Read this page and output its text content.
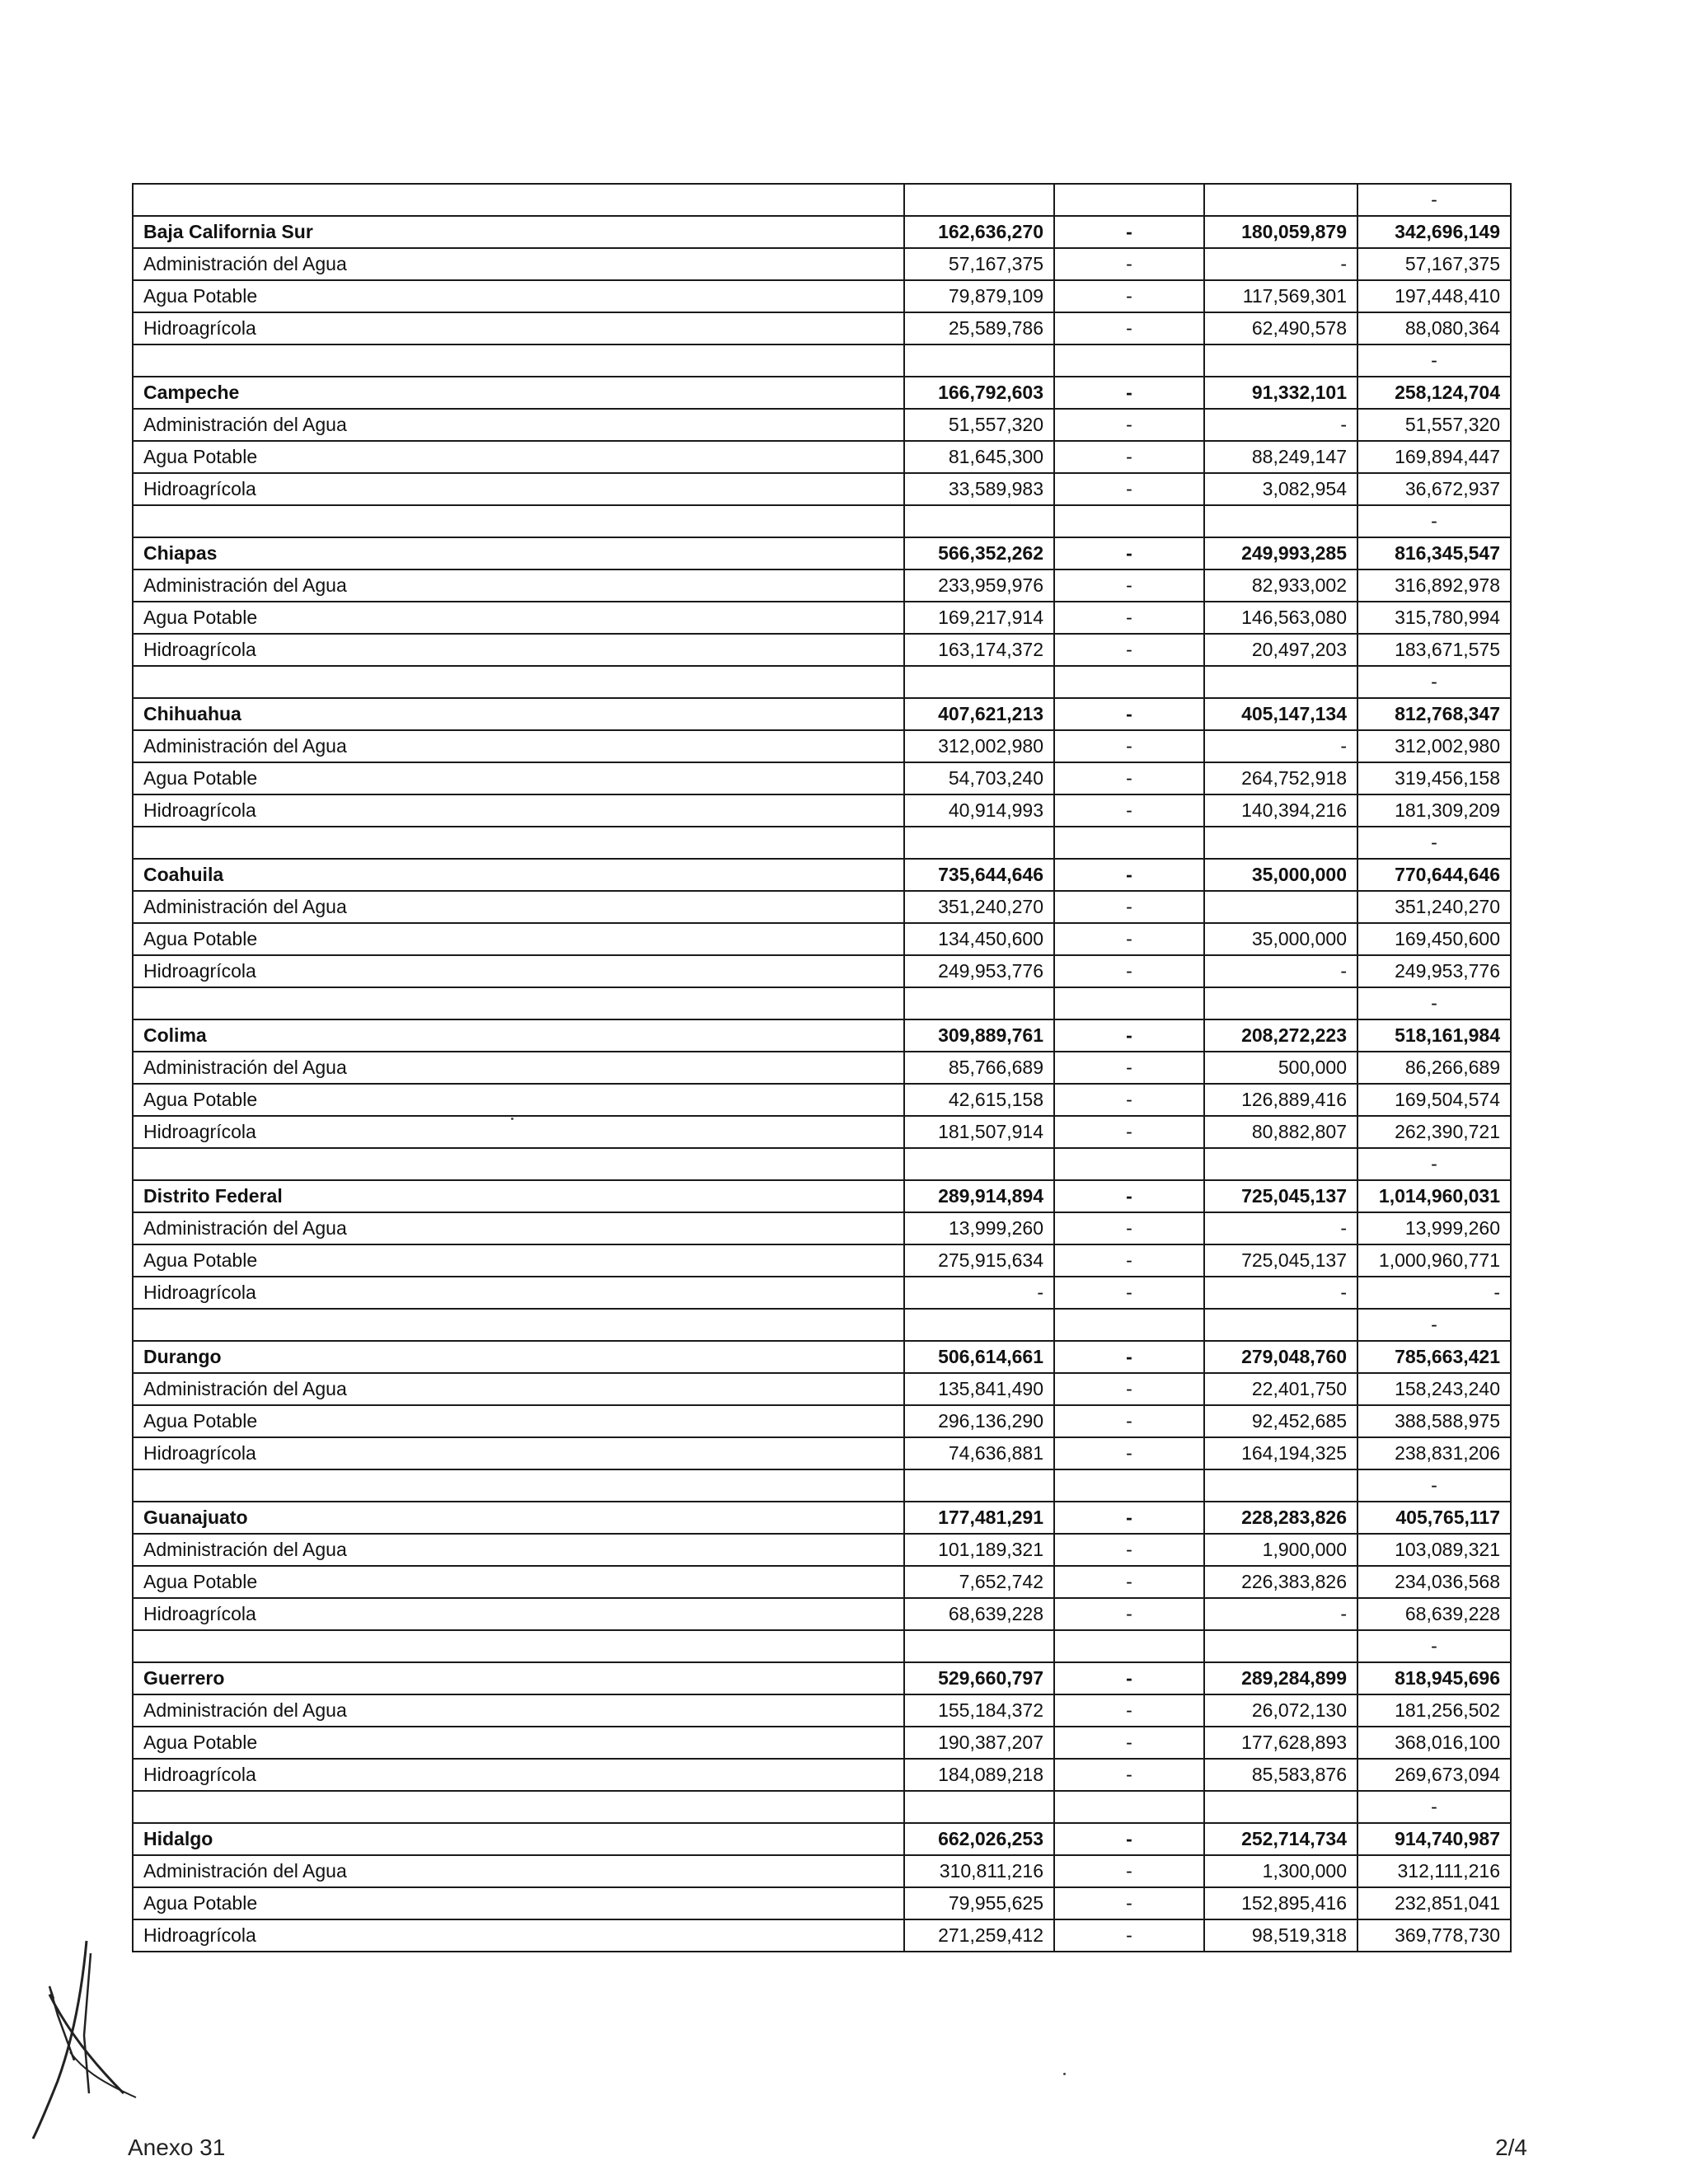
				-
Baja California Sur	162,636,270	-	180,059,879	342,696,149
Administración del Agua	57,167,375	-	-	57,167,375
Agua Potable	79,879,109	-	117,569,301	197,448,410
Hidroagrícola	25,589,786	-	62,490,578	88,080,364
				-
Campeche	166,792,603	-	91,332,101	258,124,704
Administración del Agua	51,557,320	-	-	51,557,320
Agua Potable	81,645,300	-	88,249,147	169,894,447
Hidroagrícola	33,589,983	-	3,082,954	36,672,937
				-
Chiapas	566,352,262	-	249,993,285	816,345,547
Administración del Agua	233,959,976	-	82,933,002	316,892,978
Agua Potable	169,217,914	-	146,563,080	315,780,994
Hidroagrícola	163,174,372	-	20,497,203	183,671,575
				-
Chihuahua	407,621,213	-	405,147,134	812,768,347
Administración del Agua	312,002,980	-	-	312,002,980
Agua Potable	54,703,240	-	264,752,918	319,456,158
Hidroagrícola	40,914,993	-	140,394,216	181,309,209
				-
Coahuila	735,644,646	-	35,000,000	770,644,646
Administración del Agua	351,240,270	-		351,240,270
Agua Potable	134,450,600	-	35,000,000	169,450,600
Hidroagrícola	249,953,776	-	-	249,953,776
				-
Colima	309,889,761	-	208,272,223	518,161,984
Administración del Agua	85,766,689	-	500,000	86,266,689
Agua Potable	42,615,158	-	126,889,416	169,504,574
Hidroagrícola	181,507,914	-	80,882,807	262,390,721
				-
Distrito Federal	289,914,894	-	725,045,137	1,014,960,031
Administración del Agua	13,999,260	-	-	13,999,260
Agua Potable	275,915,634	-	725,045,137	1,000,960,771
Hidroagrícola	-	-	-	-
				-
Durango	506,614,661	-	279,048,760	785,663,421
Administración del Agua	135,841,490	-	22,401,750	158,243,240
Agua Potable	296,136,290	-	92,452,685	388,588,975
Hidroagrícola	74,636,881	-	164,194,325	238,831,206
				-
Guanajuato	177,481,291	-	228,283,826	405,765,117
Administración del Agua	101,189,321	-	1,900,000	103,089,321
Agua Potable	7,652,742	-	226,383,826	234,036,568
Hidroagrícola	68,639,228	-	-	68,639,228
				-
Guerrero	529,660,797	-	289,284,899	818,945,696
Administración del Agua	155,184,372	-	26,072,130	181,256,502
Agua Potable	190,387,207	-	177,628,893	368,016,100
Hidroagrícola	184,089,218	-	85,583,876	269,673,094
				-
Hidalgo	662,026,253	-	252,714,734	914,740,987
Administración del Agua	310,811,216	-	1,300,000	312,111,216
Agua Potable	79,955,625	-	152,895,416	232,851,041
Hidroagrícola	271,259,412	-	98,519,318	369,778,730
Anexo 31	2/4
